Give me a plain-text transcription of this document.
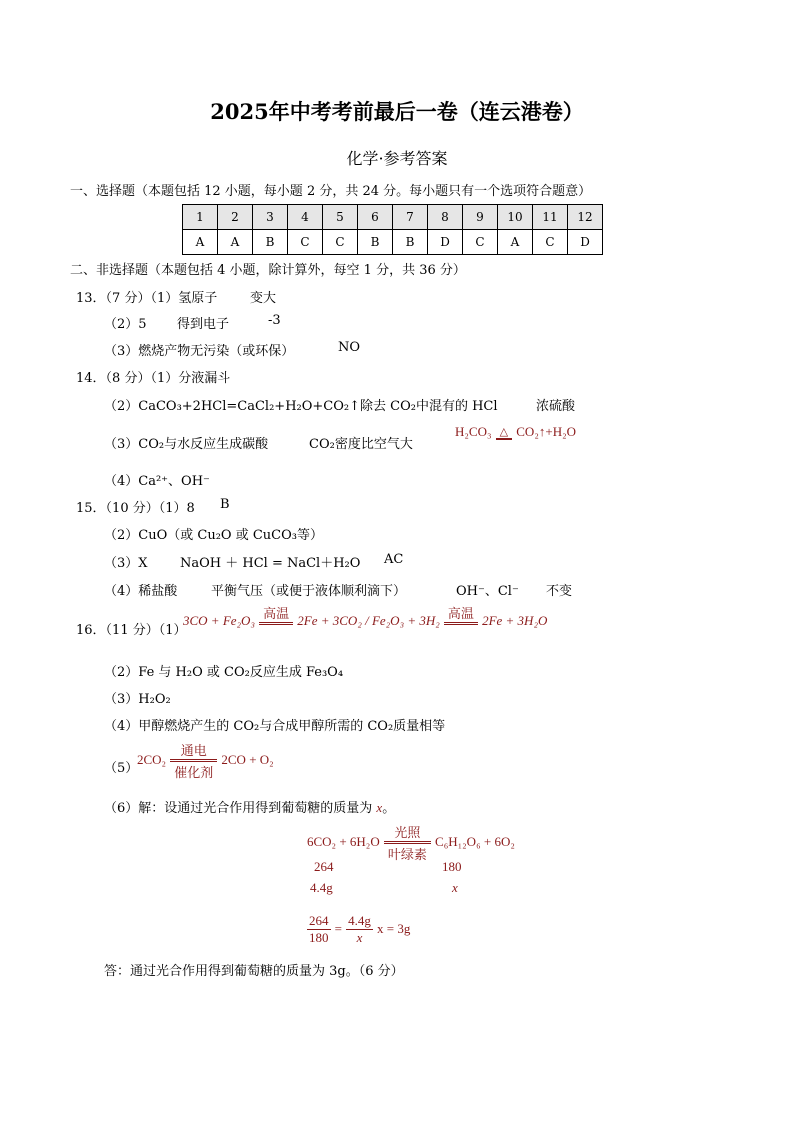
2025年中考考前最后一卷（连云港卷）
化学·参考答案
一、选择题（本题包括 12 小题，每小题 2 分，共 24 分。每小题只有一个选项符合题意）
1	2	3	4	5	6	7	8	9	10	11	12
A	A	B	C	C	B	B	D	C	A	C	D
二、非选择题（本题包括 4 小题，除计算外，每空 1 分，共 36 分）
13．（7 分）（1）氢原子	变大
（2）5 得到电子	-3
（3）燃烧产物无污染（或环保）	NO
14．（8 分）（1）分液漏斗
（2）CaCO₃+2HCl=CaCl₂+H₂O+CO₂↑ 除去 CO₂中混有的 HCl	浓硫酸
（3）CO₂与水反应生成碳酸	CO₂密度比空气大
H₂CO₃ △ CO₂↑+H₂O
（4）Ca²⁺、OH⁻
15．（10 分）（1）8 B
（2）CuO（或 Cu₂O 或 CuCO₃等）
（3）X NaOH ＋ HCl = NaCl＋H₂O AC
（4）稀盐酸	平衡气压（或便于液体顺利滴下）	OH⁻、Cl⁻ 不变
16．（11 分）（1）
3CO + Fe₂O₃ 高温 2Fe + 3CO₂ / Fe₂O₃ + 3H₂ 高温 2Fe + 3H₂O
（2）Fe 与 H₂O 或 CO₂反应生成 Fe₃O₄
（3）H₂O₂
（4）甲醇燃烧产生的 CO₂与合成甲醇所需的 CO₂质量相等
（5）
2CO₂
通电
催化剂
2CO + O₂
（6）解：设通过光合作用得到葡萄糖的质量为 x。
6CO₂ + 6H₂O
光照
叶绿素
C₆H₁₂O₆ + 6O₂
264	180
4.4g	x
$\frac{264}{180} = \frac{4.4g}{x}$ x = 3g
答：通过光合作用得到葡萄糖的质量为 3g。（6 分）
